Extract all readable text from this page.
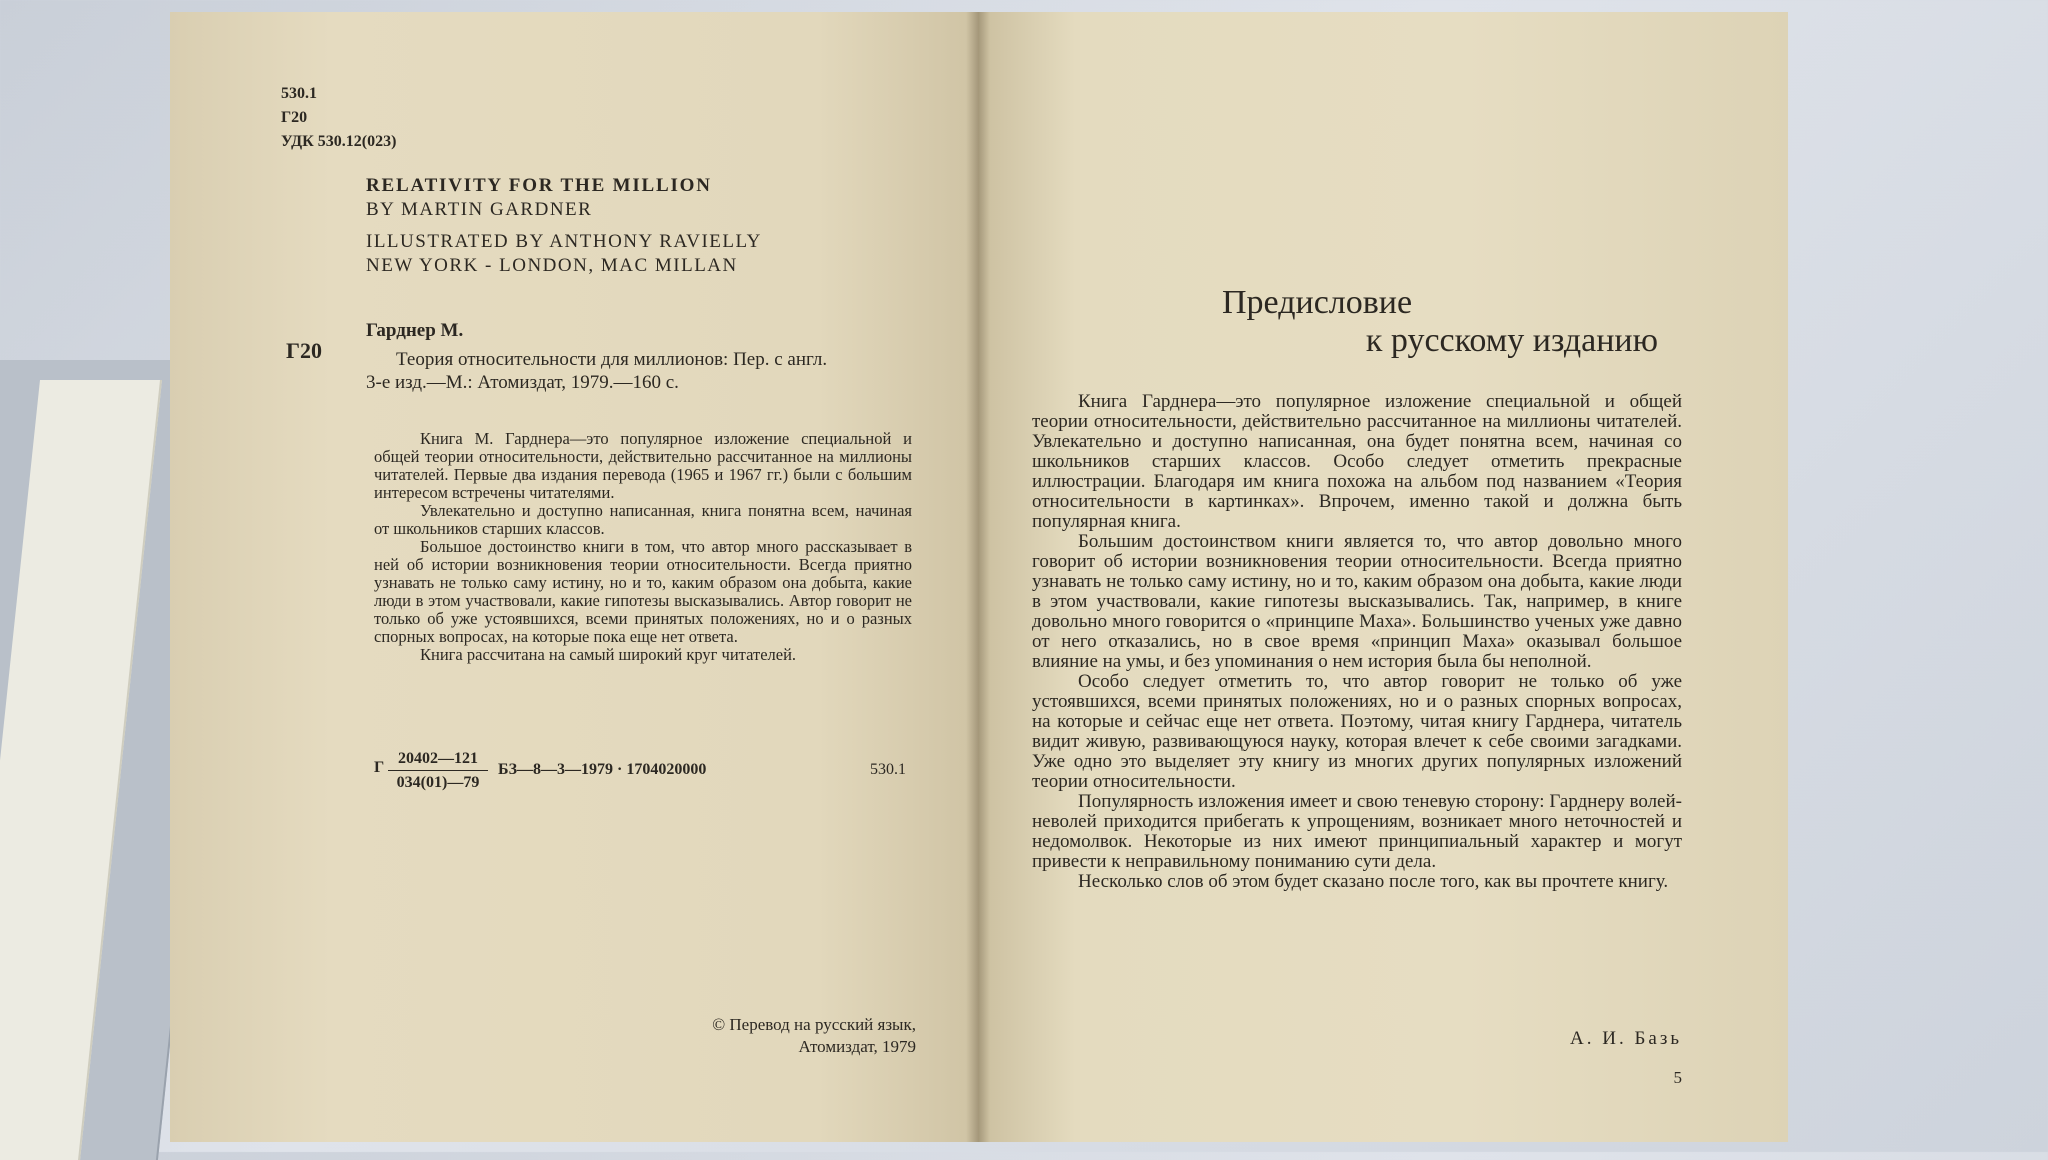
530.1
Г20
УДК 530.12(023)
RELATIVITY FOR THE MILLION
BY MARTIN GARDNER
ILLUSTRATED BY ANTHONY RAVIELLY
NEW YORK - LONDON, MAC MILLAN
Г20
Гарднер М.
Теория относительности для миллионов: Пер. с англ.
3-е изд.—М.: Атомиздат, 1979.—160 с.

Книга М. Гарднера—это популярное изложение специальной и общей теории относительности, действительно рассчитанное на миллионы читателей. Первые два издания перевода (1965 и 1967 гг.) были с большим интересом встречены читателями.

Увлекательно и доступно написанная, книга понятна всем, начиная от школьников старших классов.

Большое достоинство книги в том, что автор много рассказывает в ней об истории возникновения теории относительности. Всегда приятно узнавать не только саму истину, но и то, каким образом она добыта, какие люди в этом участвовали, какие гипотезы высказывались. Автор говорит не только об уже устоявшихся, всеми принятых положениях, но и о разных спорных вопросах, на которые пока еще нет ответа.

Книга рассчитана на самый широкий круг читателей.

Г
20402—121
034(01)—79
БЗ—8—3—1979 · 1704020000	530.1
© Перевод на русский язык,
Атомиздат, 1979
Предисловие
к русскому изданию

Книга Гарднера—это популярное изложение специальной и общей теории относительности, действительно рассчитанное на миллионы читателей. Увлекательно и доступно написанная, она будет понятна всем, начиная со школьников старших классов. Особо следует отметить прекрасные иллюстрации. Благодаря им книга похожа на альбом под названием «Теория относительности в картинках». Впрочем, именно такой и должна быть популярная книга.

Большим достоинством книги является то, что автор довольно много говорит об истории возникновения теории относительности. Всегда приятно узнавать не только саму истину, но и то, каким образом она добыта, какие люди в этом участвовали, какие гипотезы высказывались. Так, например, в книге довольно много говорится о «принципе Маха». Большинство ученых уже давно от него отказались, но в свое время «принцип Маха» оказывал большое влияние на умы, и без упоминания о нем история была бы неполной.

Особо следует отметить то, что автор говорит не только об уже устоявшихся, всеми принятых положениях, но и о разных спорных вопросах, на которые и сейчас еще нет ответа. Поэтому, читая книгу Гарднера, читатель видит живую, развивающуюся науку, которая влечет к себе своими загадками. Уже одно это выделяет эту книгу из многих других популярных изложений теории относительности.

Популярность изложения имеет и свою теневую сторону: Гарднеру волей-неволей приходится прибегать к упрощениям, возникает много неточностей и недомолвок. Некоторые из них имеют принципиальный характер и могут привести к неправильному пониманию сути дела.

Несколько слов об этом будет сказано после того, как вы прочтете книгу.

А. И. Базь
5
